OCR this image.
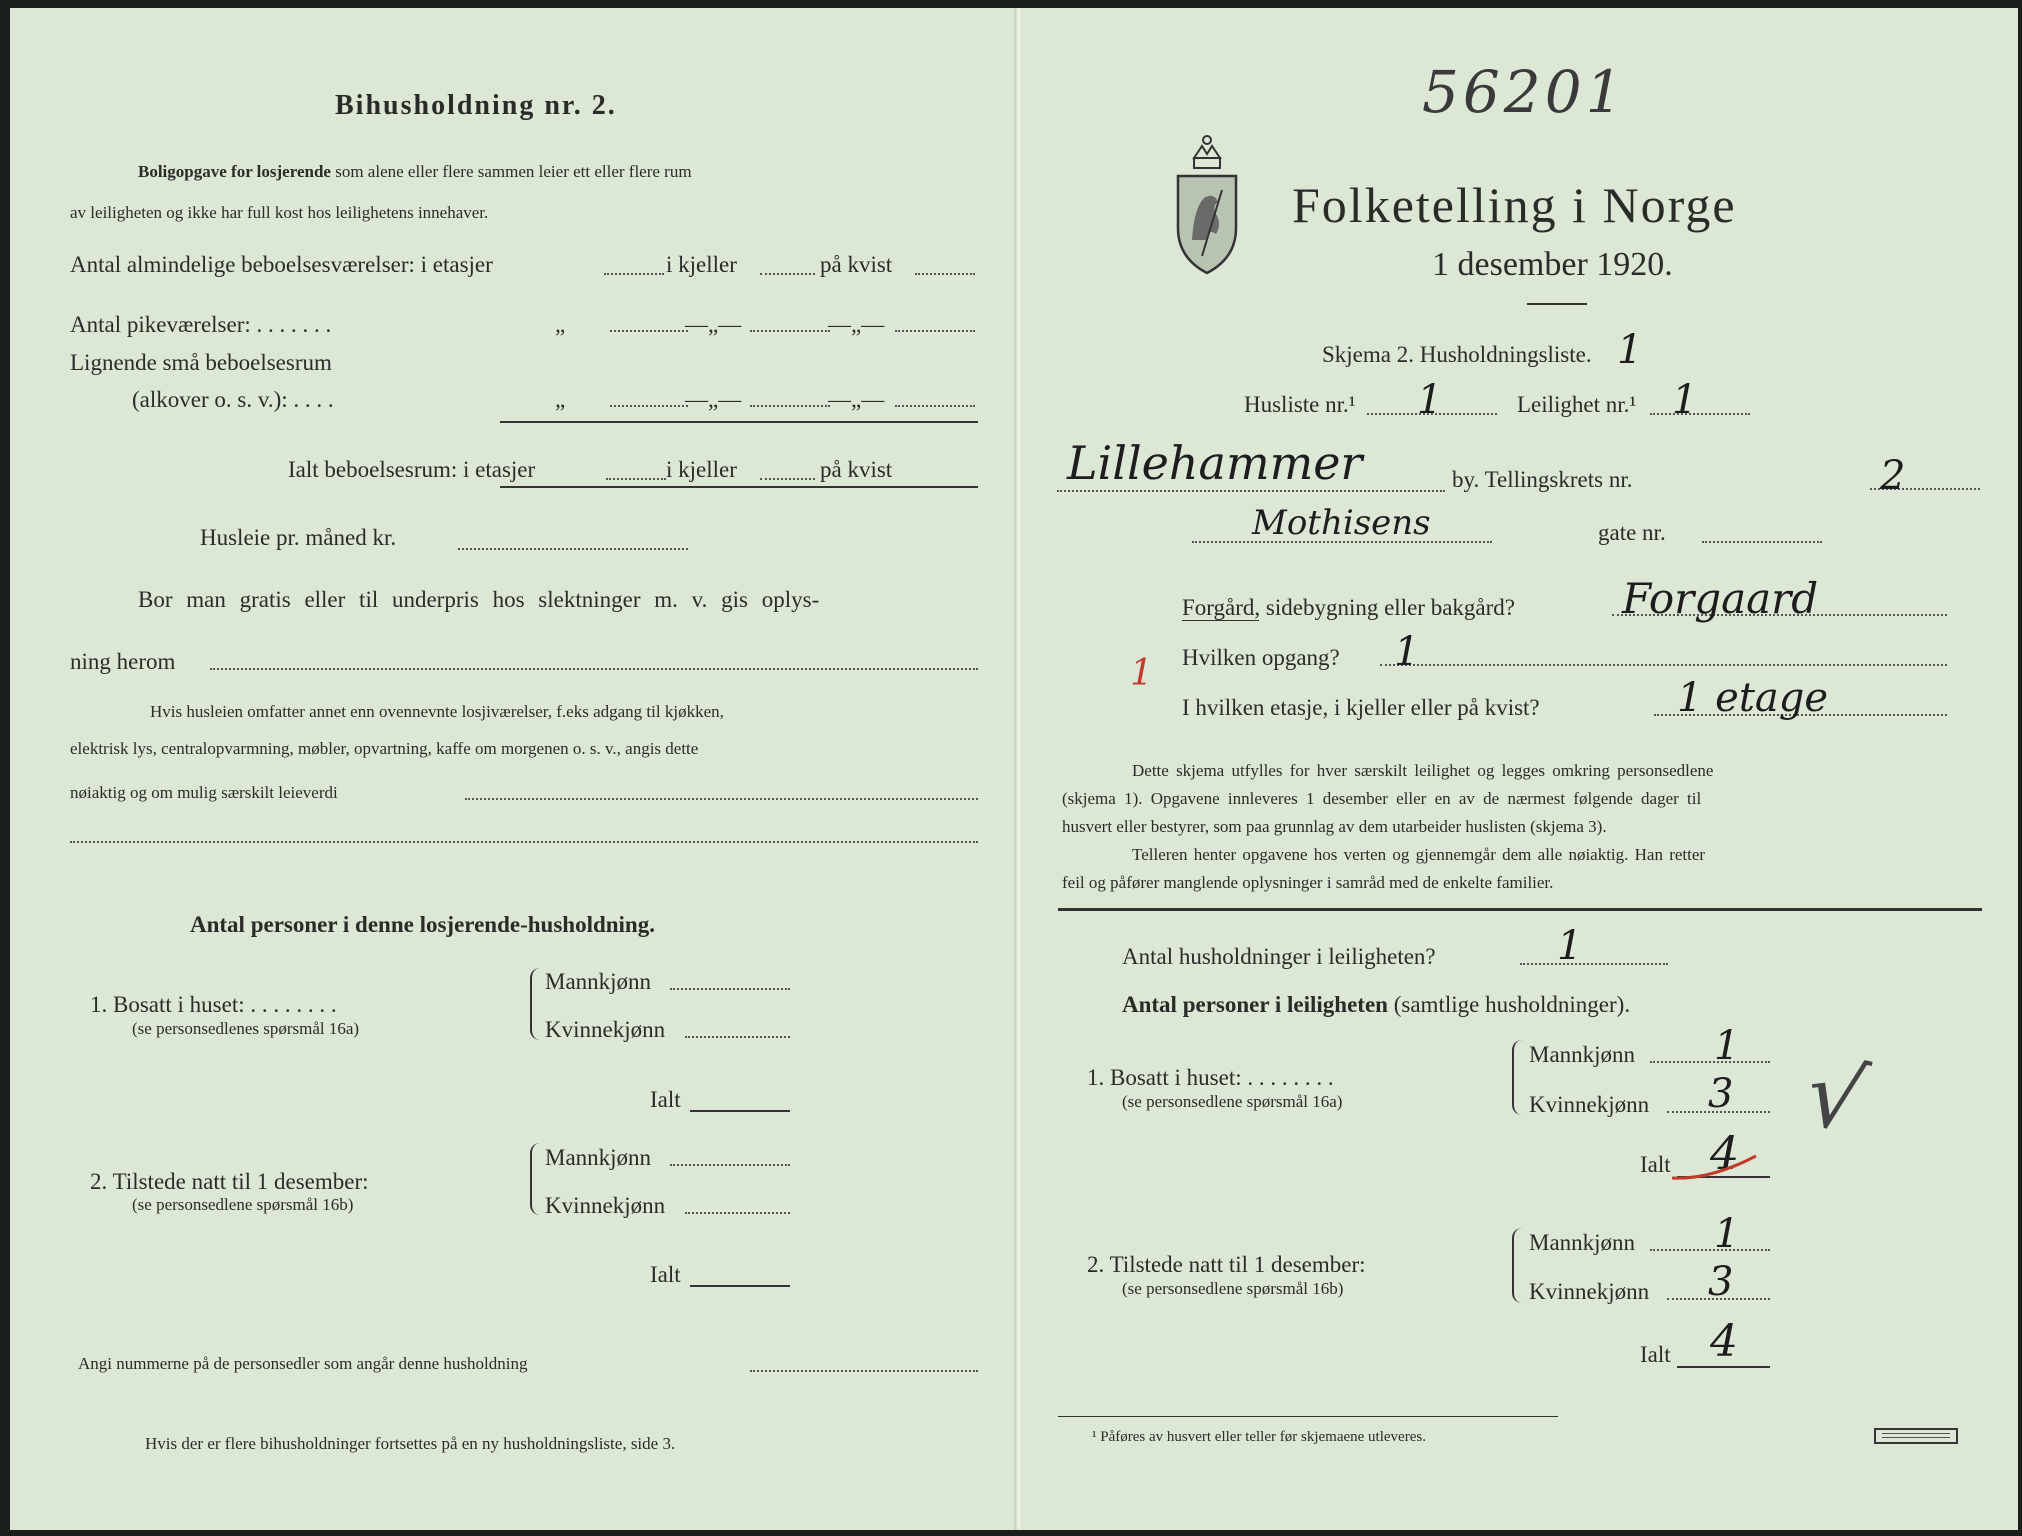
Bihusholdning nr. 2.
Boligopgave for losjerende som alene eller flere sammen leier ett eller flere rum
av leiligheten og ikke har full kost hos leilighetens innehaver.
Antal almindelige beboelsesværelser: i etasjer	i kjeller	på kvist
Antal pikeværelser: . . . . . . .	„	—„—	—„—
Lignende små beboelsesrum
(alkover o. s. v.): . . . .	„	—„—	—„—
Ialt beboelsesrum: i etasjer	i kjeller	på kvist
Husleie pr. måned kr.
Bor man gratis eller til underpris hos slektninger m. v. gis oplys-
ning herom
Hvis husleien omfatter annet enn ovennevnte losjiværelser, f.eks adgang til kjøkken,
elektrisk lys, centralopvarmning, møbler, opvartning, kaffe om morgenen o. s. v., angis dette
nøiaktig og om mulig særskilt leieverdi
Antal personer i denne losjerende-husholdning.
1. Bosatt i huset: . . . . . . . .
(se personsedlenes spørsmål 16a)
Mannkjønn
Kvinnekjønn
Ialt
2. Tilstede natt til 1 desember:
(se personsedlene spørsmål 16b)
Mannkjønn
Kvinnekjønn
Ialt
Angi nummerne på de personsedler som angår denne husholdning
Hvis der er flere bihusholdninger fortsettes på en ny husholdningsliste, side 3.
56201
Folketelling i Norge
1 desember 1920.
Skjema 2. Husholdningsliste. 1
Husliste nr.¹ 1	Leilighet nr.¹ 1
Lillehammer	by. Tellingskrets nr.	2
Mothisens	gate nr.
Forgård, sidebygning eller bakgård?	Forgaard
Hvilken opgang? 1
1
I hvilken etasje, i kjeller eller på kvist?	1 etage
Dette skjema utfylles for hver særskilt leilighet og legges omkring personsedlene
(skjema 1). Opgavene innleveres 1 desember eller en av de nærmest følgende dager til
husvert eller bestyrer, som paa grunnlag av dem utarbeider huslisten (skjema 3).
Telleren henter opgavene hos verten og gjennemgår dem alle nøiaktig. Han retter
feil og påfører manglende oplysninger i samråd med de enkelte familier.
Antal husholdninger i leiligheten?	1
Antal personer i leiligheten (samtlige husholdninger).
1. Bosatt i huset: . . . . . . . .
(se personsedlene spørsmål 16a)
Mannkjønn 1
Kvinnekjønn 3
Ialt 4 √
2. Tilstede natt til 1 desember:
(se personsedlene spørsmål 16b)
Mannkjønn 1
Kvinnekjønn 3
Ialt 4
¹ Påføres av husvert eller teller før skjemaene utleveres.
